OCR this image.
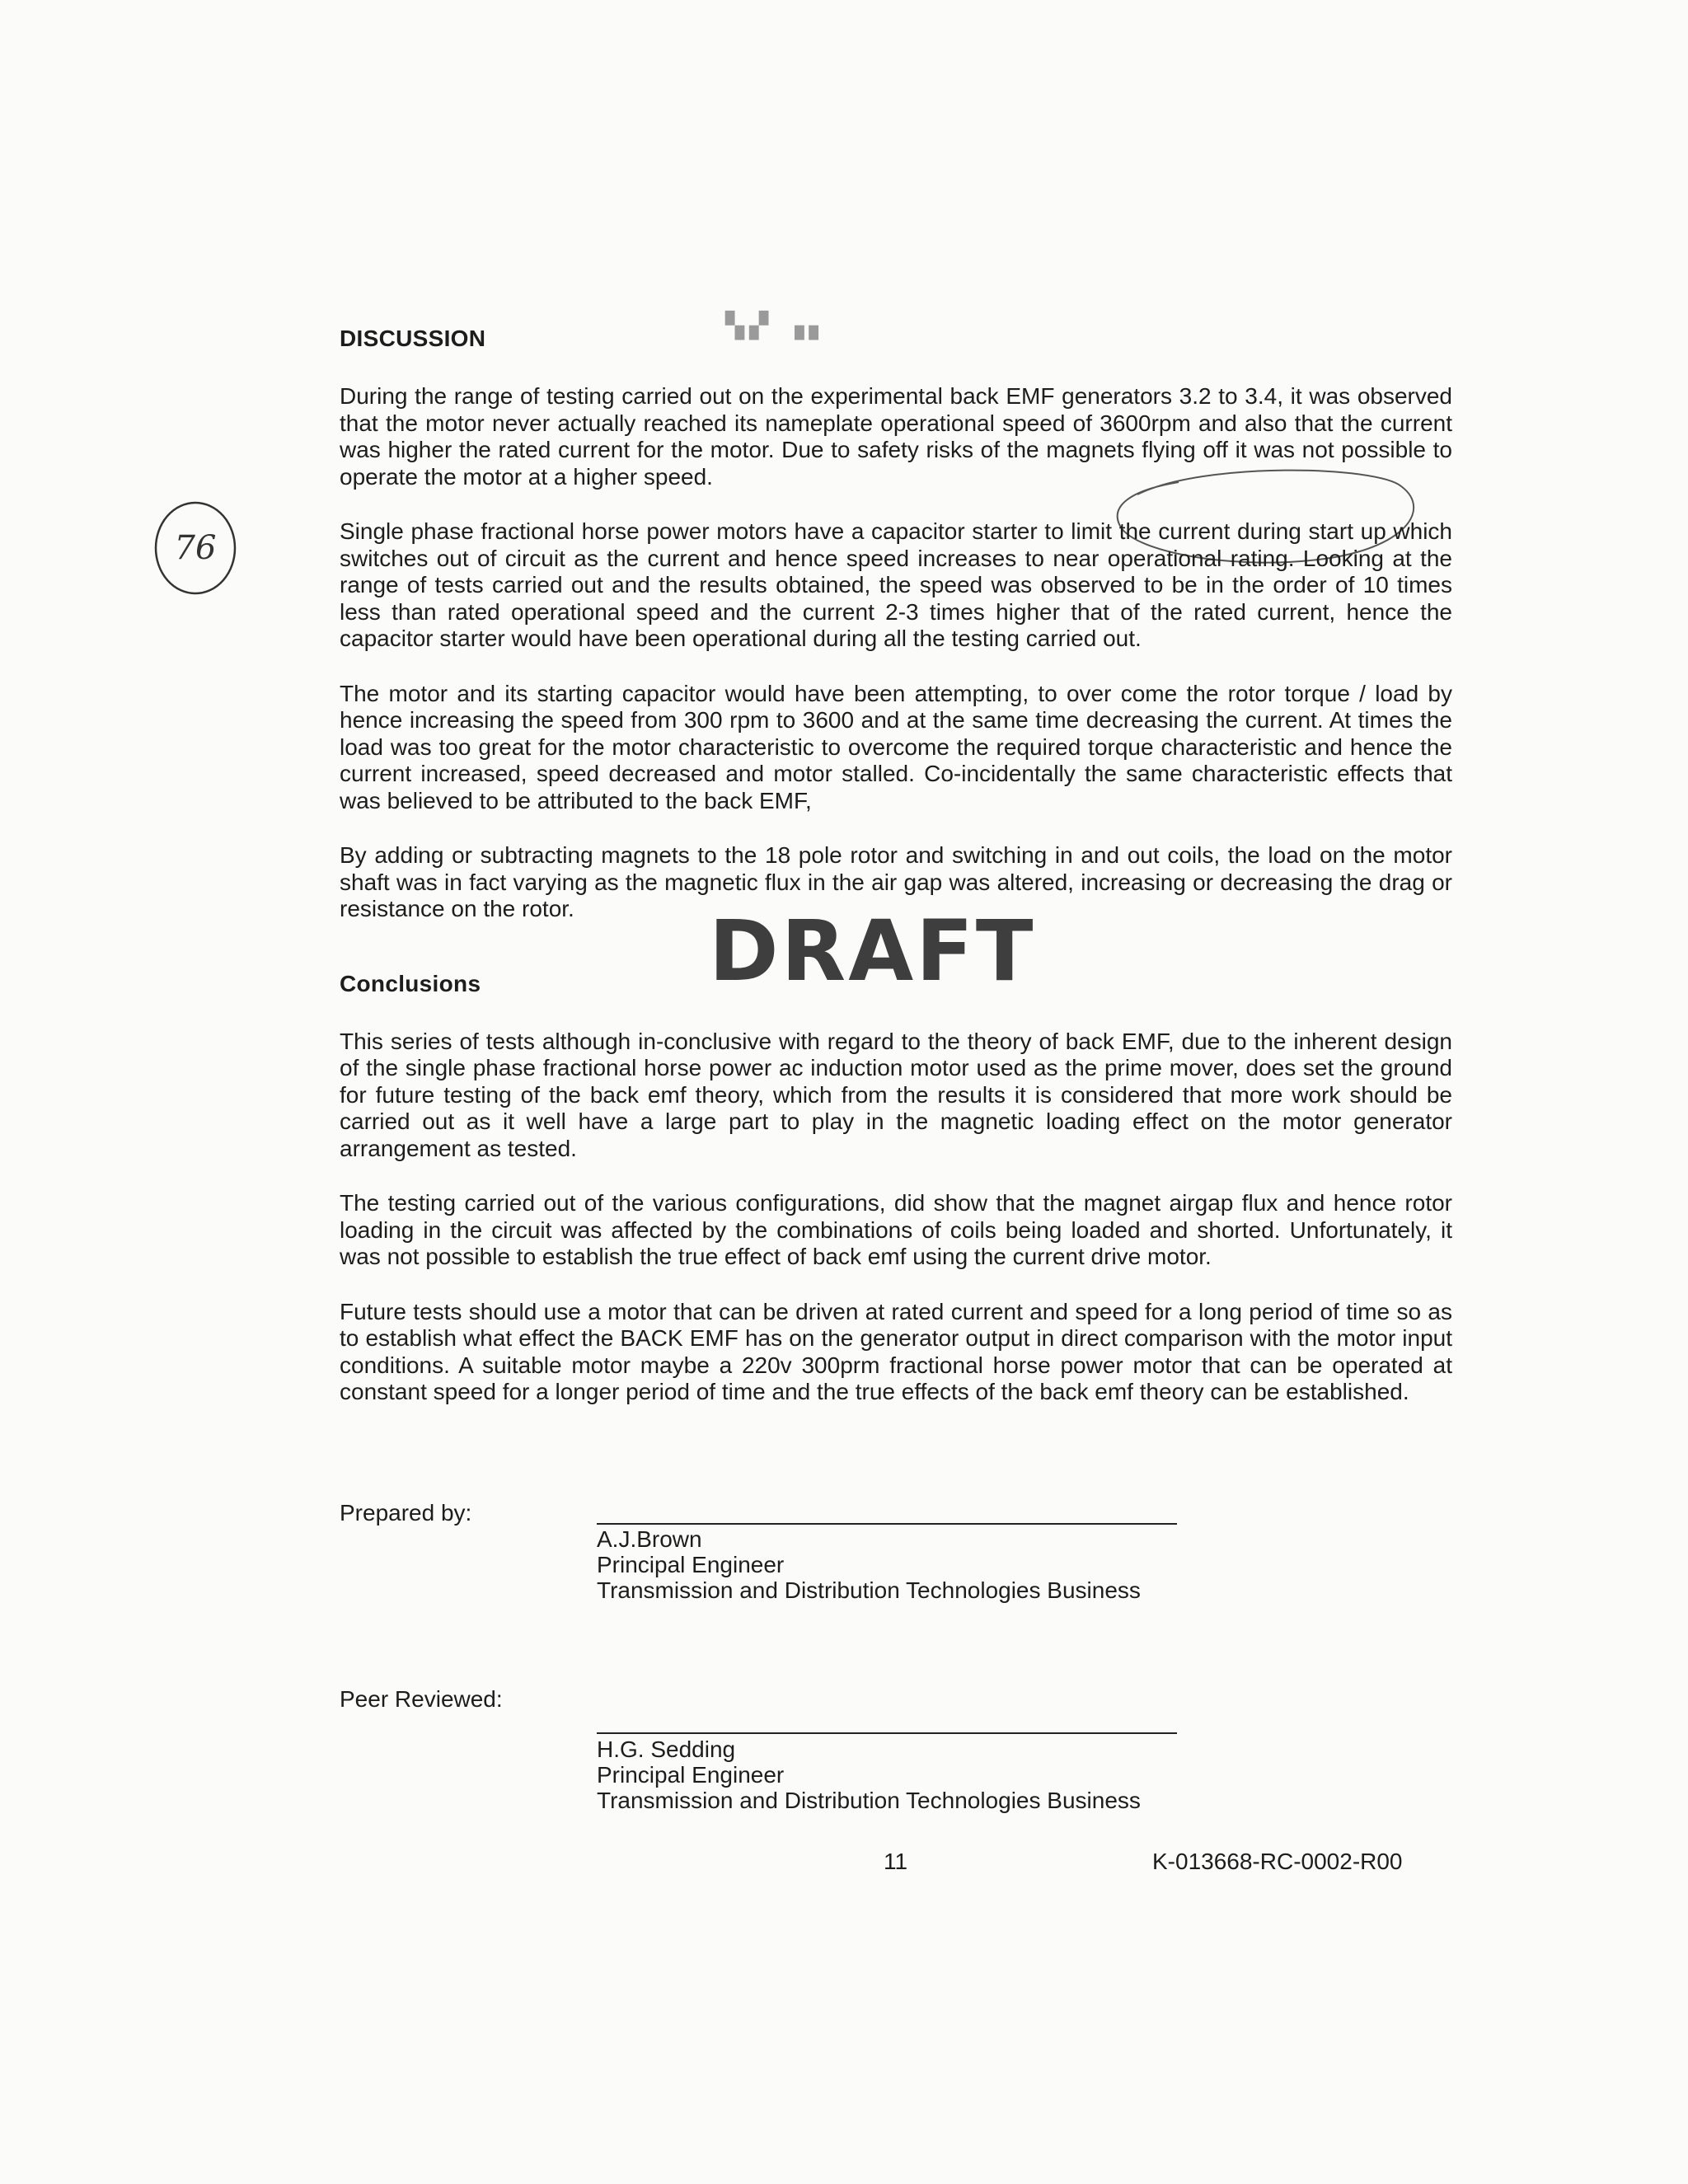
76
▚▞ ▗▖
DISCUSSION

During the range of testing carried out on the experimental back EMF generators 3.2 to 3.4, it was observed that the motor never actually reached its nameplate operational speed of 3600rpm and also that the current was higher the rated current for the motor. Due to safety risks of the magnets flying off it was not possible to operate the motor at a higher speed.

Single phase fractional horse power motors have a capacitor starter to limit the current during start up which switches out of circuit as the current and hence speed increases to near operational rating. Looking at the range of tests carried out and the results obtained, the speed was observed to be in the order of 10 times less than rated operational speed and the current 2-3 times higher that of the rated current, hence the capacitor starter would have been operational during all the testing carried out.

The motor and its starting capacitor would have been attempting, to over come the rotor torque / load by hence increasing the speed from 300 rpm to 3600 and at the same time decreasing the current. At times the load was too great for the motor characteristic to overcome the required torque characteristic and hence the current increased, speed decreased and motor stalled. Co-incidentally the same characteristic effects that was believed to be attributed to the back EMF,

By adding or subtracting magnets to the 18 pole rotor and switching in and out coils, the load on the motor shaft was in fact varying as the magnetic flux in the air gap was altered, increasing or decreasing the drag or resistance on the rotor.

Conclusions

This series of tests although in-conclusive with regard to the theory of back EMF, due to the inherent design of the single phase fractional horse power ac induction motor used as the prime mover, does set the ground for future testing of the back emf theory, which from the results it is considered that more work should be carried out as it well have a large part to play in the magnetic loading effect on the motor generator arrangement as tested.

The testing carried out of the various configurations, did show that the magnet airgap flux and hence rotor loading in the circuit was affected by the combinations of coils being loaded and shorted. Unfortunately, it was not possible to establish the true effect of back emf using the current drive motor.

Future tests should use a motor that can be driven at rated current and speed for a long period of time so as to establish what effect the BACK EMF has on the generator output in direct comparison with the motor input conditions. A suitable motor maybe a 220v 300prm fractional horse power motor that can be operated at constant speed for a longer period of time and the true effects of the back emf theory can be established.

DRAFT
Prepared by:
A.J.Brown
Principal Engineer
Transmission and Distribution Technologies Business
Peer Reviewed:
H.G. Sedding
Principal Engineer
Transmission and Distribution Technologies Business
11	K-013668-RC-0002-R00
